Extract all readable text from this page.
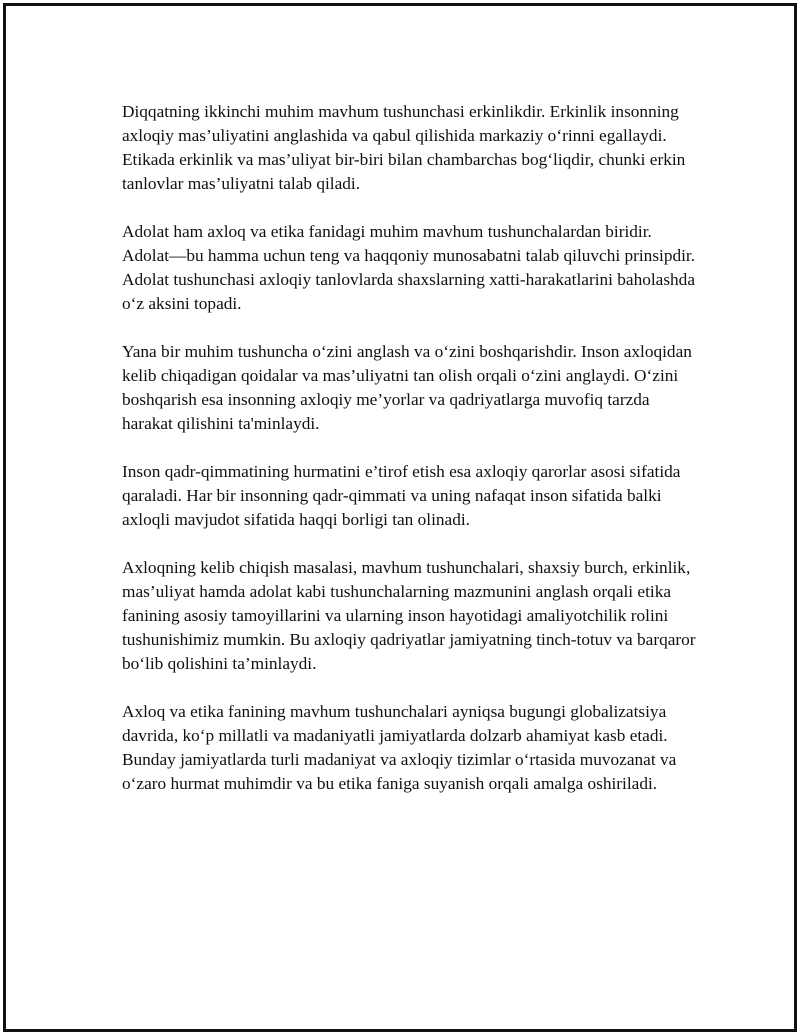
Diqqatning ikkinchi muhim mavhum tushunchasi erkinlikdir. Erkinlik insonning axloqiy mas’uliyatini anglashida va qabul qilishida markaziy o‘rinni egallaydi. Etikada erkinlik va mas’uliyat bir-biri bilan chambarchas bog‘liqdir, chunki erkin tanlovlar mas’uliyatni talab qiladi.

Adolat ham axloq va etika fanidagi muhim mavhum tushunchalardan biridir. Adolat—bu hamma uchun teng va haqqoniy munosabatni talab qiluvchi prinsipdir. Adolat tushunchasi axloqiy tanlovlarda shaxslarning xatti-harakatlarini baholashda o‘z aksini topadi.

Yana bir muhim tushuncha o‘zini anglash va o‘zini boshqarishdir. Inson axloqidan kelib chiqadigan qoidalar va mas’uliyatni tan olish orqali o‘zini anglaydi. O‘zini boshqarish esa insonning axloqiy me’yorlar va qadriyatlarga muvofiq tarzda harakat qilishini ta'minlaydi.

Inson qadr-qimmatining hurmatini e’tirof etish esa axloqiy qarorlar asosi sifatida qaraladi. Har bir insonning qadr-qimmati va uning nafaqat inson sifatida balki axloqli mavjudot sifatida haqqi borligi tan olinadi.

Axloqning kelib chiqish masalasi, mavhum tushunchalari, shaxsiy burch, erkinlik, mas’uliyat hamda adolat kabi tushunchalarning mazmunini anglash orqali etika fanining asosiy tamoyillarini va ularning inson hayotidagi amaliyotchilik rolini tushunishimiz mumkin. Bu axloqiy qadriyatlar jamiyatning tinch-totuv va barqaror bo‘lib qolishini ta’minlaydi.

Axloq va etika fanining mavhum tushunchalari ayniqsa bugungi globalizatsiya davrida, ko‘p millatli va madaniyatli jamiyatlarda dolzarb ahamiyat kasb etadi. Bunday jamiyatlarda turli madaniyat va axloqiy tizimlar o‘rtasida muvozanat va o‘zaro hurmat muhimdir va bu etika faniga suyanish orqali amalga oshiriladi.
